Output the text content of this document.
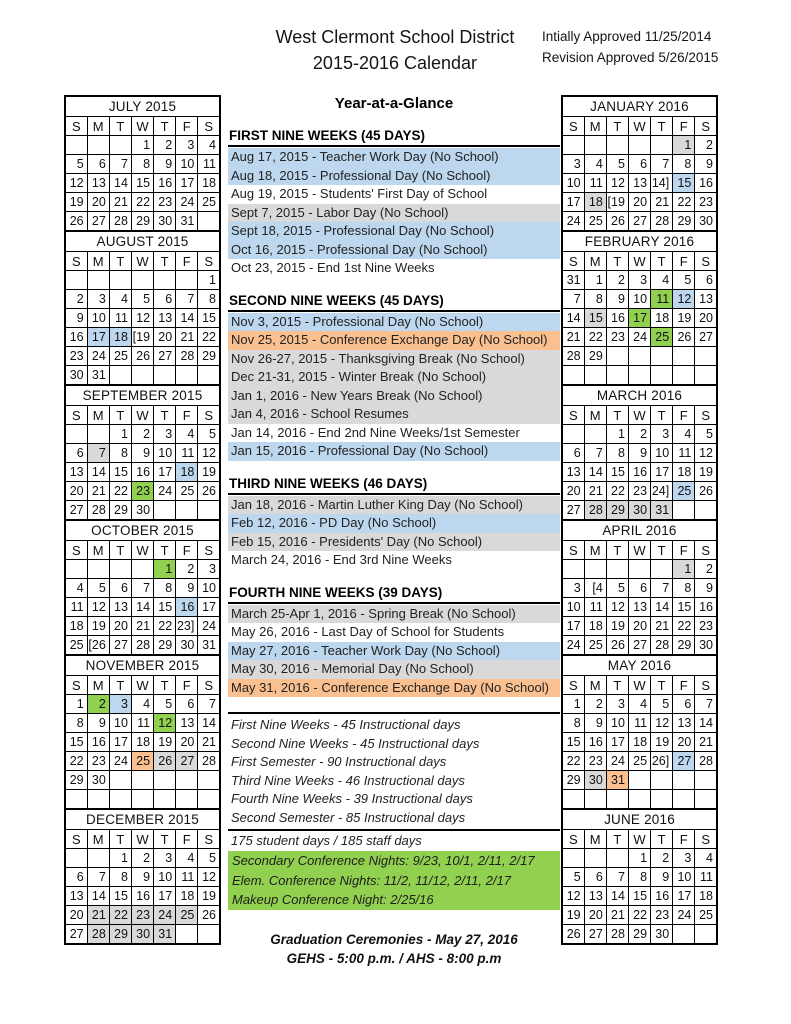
West Clermont School District
2015-2016 Calendar
Intially Approved 11/25/2014
Revision Approved 5/26/2015
JULY 2015						
S	M	T	W	T	F	S
			1	2	3	4
5	6	7	8	9	10	11
12	13	14	15	16	17	18
19	20	21	22	23	24	25
26	27	28	29	30	31	
AUGUST 2015						
S	M	T	W	T	F	S
						1
2	3	4	5	6	7	8
9	10	11	12	13	14	15
16	17	18	[19	20	21	22
23	24	25	26	27	28	29
30	31					
SEPTEMBER 2015						
S	M	T	W	T	F	S
		1	2	3	4	5
6	7	8	9	10	11	12
13	14	15	16	17	18	19
20	21	22	23	24	25	26
27	28	29	30			
OCTOBER 2015						
S	M	T	W	T	F	S
				1	2	3
4	5	6	7	8	9	10
11	12	13	14	15	16	17
18	19	20	21	22	23]	24
25	[26	27	28	29	30	31
NOVEMBER 2015						
S	M	T	W	T	F	S
1	2	3	4	5	6	7
8	9	10	11	12	13	14
15	16	17	18	19	20	21
22	23	24	25	26	27	28
29	30					

DECEMBER 2015						
S	M	T	W	T	F	S
		1	2	3	4	5
6	7	8	9	10	11	12
13	14	15	16	17	18	19
20	21	22	23	24	25	26
27	28	29	30	31		
JANUARY 2016						
S	M	T	W	T	F	S
					1	2
3	4	5	6	7	8	9
10	11	12	13	14]	15	16
17	18	[19	20	21	22	23
24	25	26	27	28	29	30
FEBRUARY 2016						
S	M	T	W	T	F	S
31	1	2	3	4	5	6
7	8	9	10	11	12	13
14	15	16	17	18	19	20
21	22	23	24	25	26	27
28	29					

MARCH 2016						
S	M	T	W	T	F	S
		1	2	3	4	5
6	7	8	9	10	11	12
13	14	15	16	17	18	19
20	21	22	23	24]	25	26
27	28	29	30	31		
APRIL 2016						
S	M	T	W	T	F	S
					1	2
3	[4	5	6	7	8	9
10	11	12	13	14	15	16
17	18	19	20	21	22	23
24	25	26	27	28	29	30
MAY 2016						
S	M	T	W	T	F	S
1	2	3	4	5	6	7
8	9	10	11	12	13	14
15	16	17	18	19	20	21
22	23	24	25	26]	27	28
29	30	31				

JUNE 2016						
S	M	T	W	T	F	S
			1	2	3	4
5	6	7	8	9	10	11
12	13	14	15	16	17	18
19	20	21	22	23	24	25
26	27	28	29	30		
Year-at-a-Glance
FIRST NINE WEEKS (45 DAYS)
Aug 17, 2015 - Teacher Work Day (No School)
Aug 18, 2015 - Professional Day (No School)
Aug 19, 2015 - Students' First Day of School
Sept 7, 2015 - Labor Day (No School)
Sept 18, 2015 - Professional Day (No School)
Oct 16, 2015 - Professional Day (No School)
Oct 23, 2015 - End 1st Nine Weeks
SECOND NINE WEEKS (45 DAYS)
Nov 3, 2015 - Professional Day (No School)
Nov 25, 2015 - Conference Exchange Day (No School)
Nov 26-27, 2015 - Thanksgiving Break (No School)
Dec 21-31, 2015 - Winter Break (No School)
Jan 1, 2016 - New Years Break (No School)
Jan 4, 2016 - School Resumes
Jan 14, 2016 - End 2nd Nine Weeks/1st Semester
Jan 15, 2016 - Professional Day (No School)
THIRD NINE WEEKS (46 DAYS)
Jan 18, 2016 - Martin Luther King Day (No School)
Feb 12, 2016 - PD Day (No School)
Feb 15, 2016 - Presidents' Day (No School)
March 24, 2016 - End 3rd Nine Weeks
FOURTH NINE WEEKS (39 DAYS)
March 25-Apr 1, 2016 - Spring Break (No School)
May 26, 2016 - Last Day of School for Students
May 27, 2016 - Teacher Work Day (No School)
May 30, 2016 - Memorial Day (No School)
May 31, 2016 - Conference Exchange Day (No School)
First Nine Weeks - 45 Instructional days
Second Nine Weeks - 45 Instructional days
First Semester - 90 Instructional days
Third Nine Weeks - 46 Instructional days
Fourth Nine Weeks - 39 Instructional days
Second Semester - 85 Instructional days
175 student days / 185 staff days
Secondary Conference Nights: 9/23, 10/1, 2/11, 2/17
Elem. Conference Nights: 11/2, 11/12, 2/11, 2/17
Makeup Conference Night: 2/25/16
Graduation Ceremonies - May 27, 2016
GEHS - 5:00 p.m. / AHS - 8:00 p.m
